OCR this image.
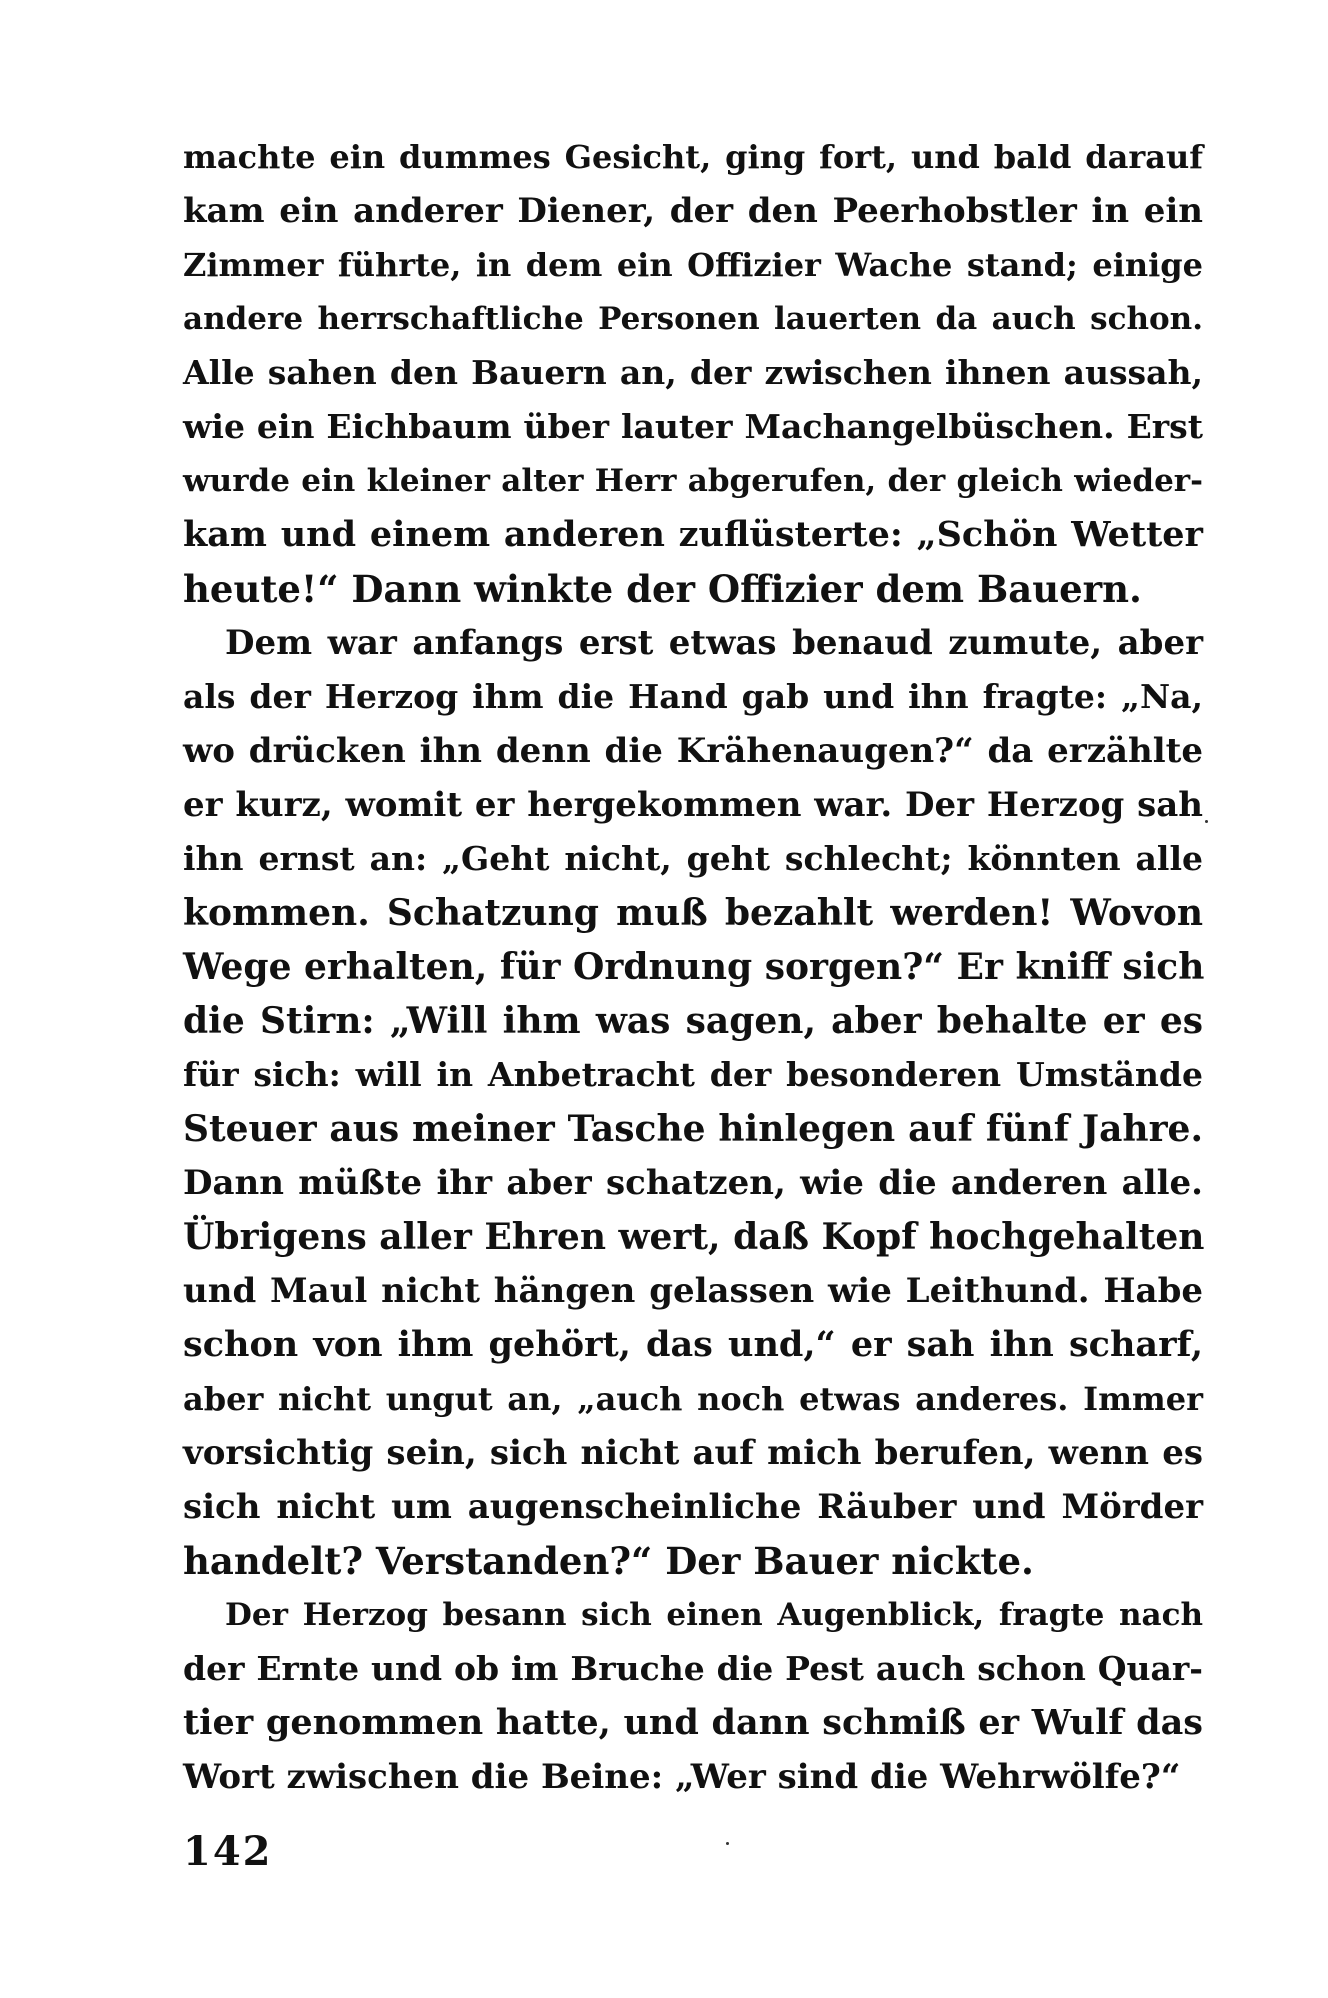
machte ein dummes Gesicht, ging fort, und bald darauf
kam ein anderer Diener, der den Peerhobstler in ein
Zimmer führte, in dem ein Offizier Wache stand; einige
andere herrschaftliche Personen lauerten da auch schon.
Alle sahen den Bauern an, der zwischen ihnen aussah,
wie ein Eichbaum über lauter Machangelbüschen. Erst
wurde ein kleiner alter Herr abgerufen, der gleich wieder-
kam und einem anderen zuflüsterte: „Schön Wetter
heute!“ Dann winkte der Offizier dem Bauern.
Dem war anfangs erst etwas benaud zumute, aber
als der Herzog ihm die Hand gab und ihn fragte: „Na,
wo drücken ihn denn die Krähenaugen?“ da erzählte
er kurz, womit er hergekommen war. Der Herzog sah
ihn ernst an: „Geht nicht, geht schlecht; könnten alle
kommen. Schatzung muß bezahlt werden! Wovon
Wege erhalten, für Ordnung sorgen?“ Er kniff sich
die Stirn: „Will ihm was sagen, aber behalte er es
für sich: will in Anbetracht der besonderen Umstände
Steuer aus meiner Tasche hinlegen auf fünf Jahre.
Dann müßte ihr aber schatzen, wie die anderen alle.
Übrigens aller Ehren wert, daß Kopf hochgehalten
und Maul nicht hängen gelassen wie Leithund. Habe
schon von ihm gehört, das und,“ er sah ihn scharf,
aber nicht ungut an, „auch noch etwas anderes. Immer
vorsichtig sein, sich nicht auf mich berufen, wenn es
sich nicht um augenscheinliche Räuber und Mörder
handelt? Verstanden?“ Der Bauer nickte.
Der Herzog besann sich einen Augenblick, fragte nach
der Ernte und ob im Bruche die Pest auch schon Quar-
tier genommen hatte, und dann schmiß er Wulf das
Wort zwischen die Beine: „Wer sind die Wehrwölfe?“
142
